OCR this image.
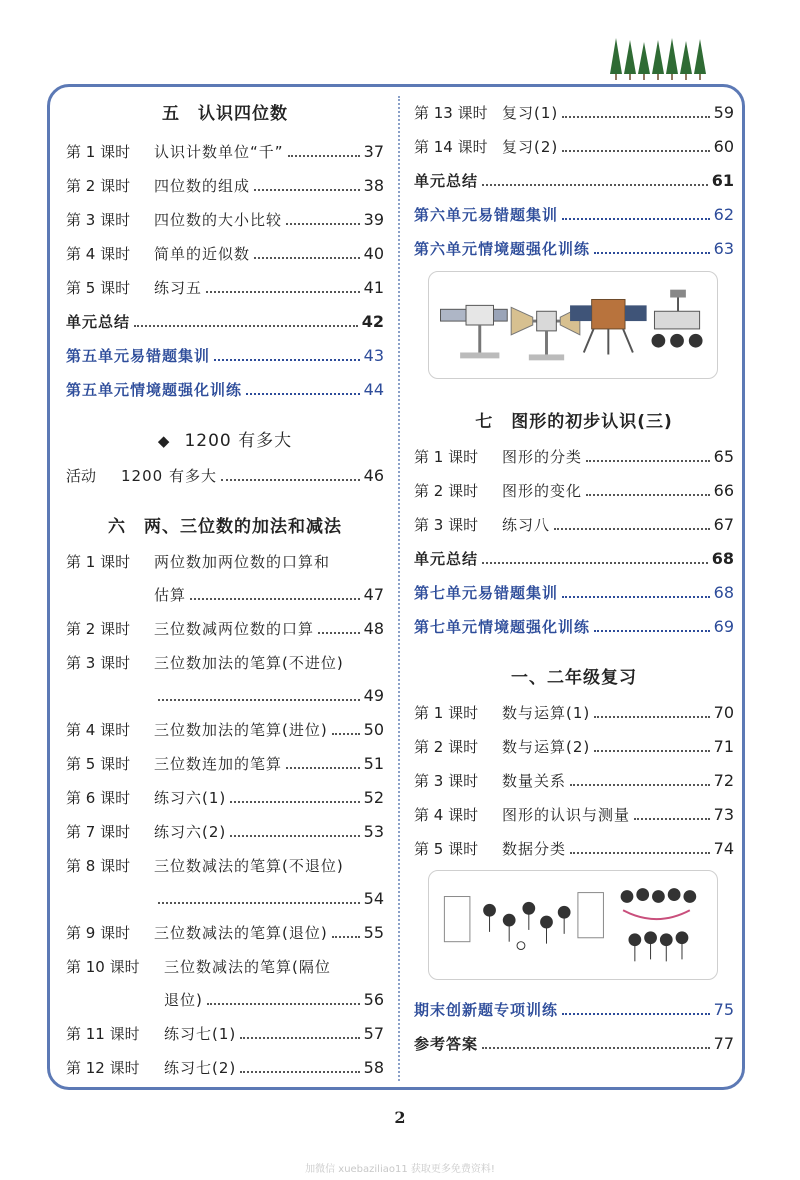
五　认识四位数
第 1 课时	认识计数单位“千”	37
第 2 课时	四位数的组成	38
第 3 课时	四位数的大小比较	39
第 4 课时	简单的近似数	40
第 5 课时	练习五	41
单元总结	42
第五单元易错题集训	43
第五单元情境题强化训练	44
◆ 1200 有多大
活动	1200 有多大	46
六　两、三位数的加法和减法
第 1 课时	两位数加两位数的口算和
估算	47
第 2 课时	三位数减两位数的口算	48
第 3 课时	三位数加法的笔算(不进位)
49
第 4 课时	三位数加法的笔算(进位) 50
第 5 课时	三位数连加的笔算	51
第 6 课时	练习六(1)	52
第 7 课时	练习六(2)	53
第 8 课时	三位数减法的笔算(不退位)
54
第 9 课时	三位数减法的笔算(退位) 55
第 10 课时	三位数减法的笔算(隔位
退位)	56
第 11 课时	练习七(1)	57
第 12 课时	练习七(2)	58
第 13 课时 复习(1)	59
第 14 课时 复习(2)	60
单元总结	61
第六单元易错题集训	62
第六单元情境题强化训练	63
七　图形的初步认识(三)
第 1 课时	图形的分类	65
第 2 课时	图形的变化	66
第 3 课时	练习八	67
单元总结	68
第七单元易错题集训	68
第七单元情境题强化训练	69
一、二年级复习
第 1 课时	数与运算(1)	70
第 2 课时	数与运算(2)	71
第 3 课时	数量关系	72
第 4 课时	图形的认识与测量	73
第 5 课时	数据分类	74
期末创新题专项训练	75
参考答案	77
2
加微信 xuebaziliao11 获取更多免费资料!
